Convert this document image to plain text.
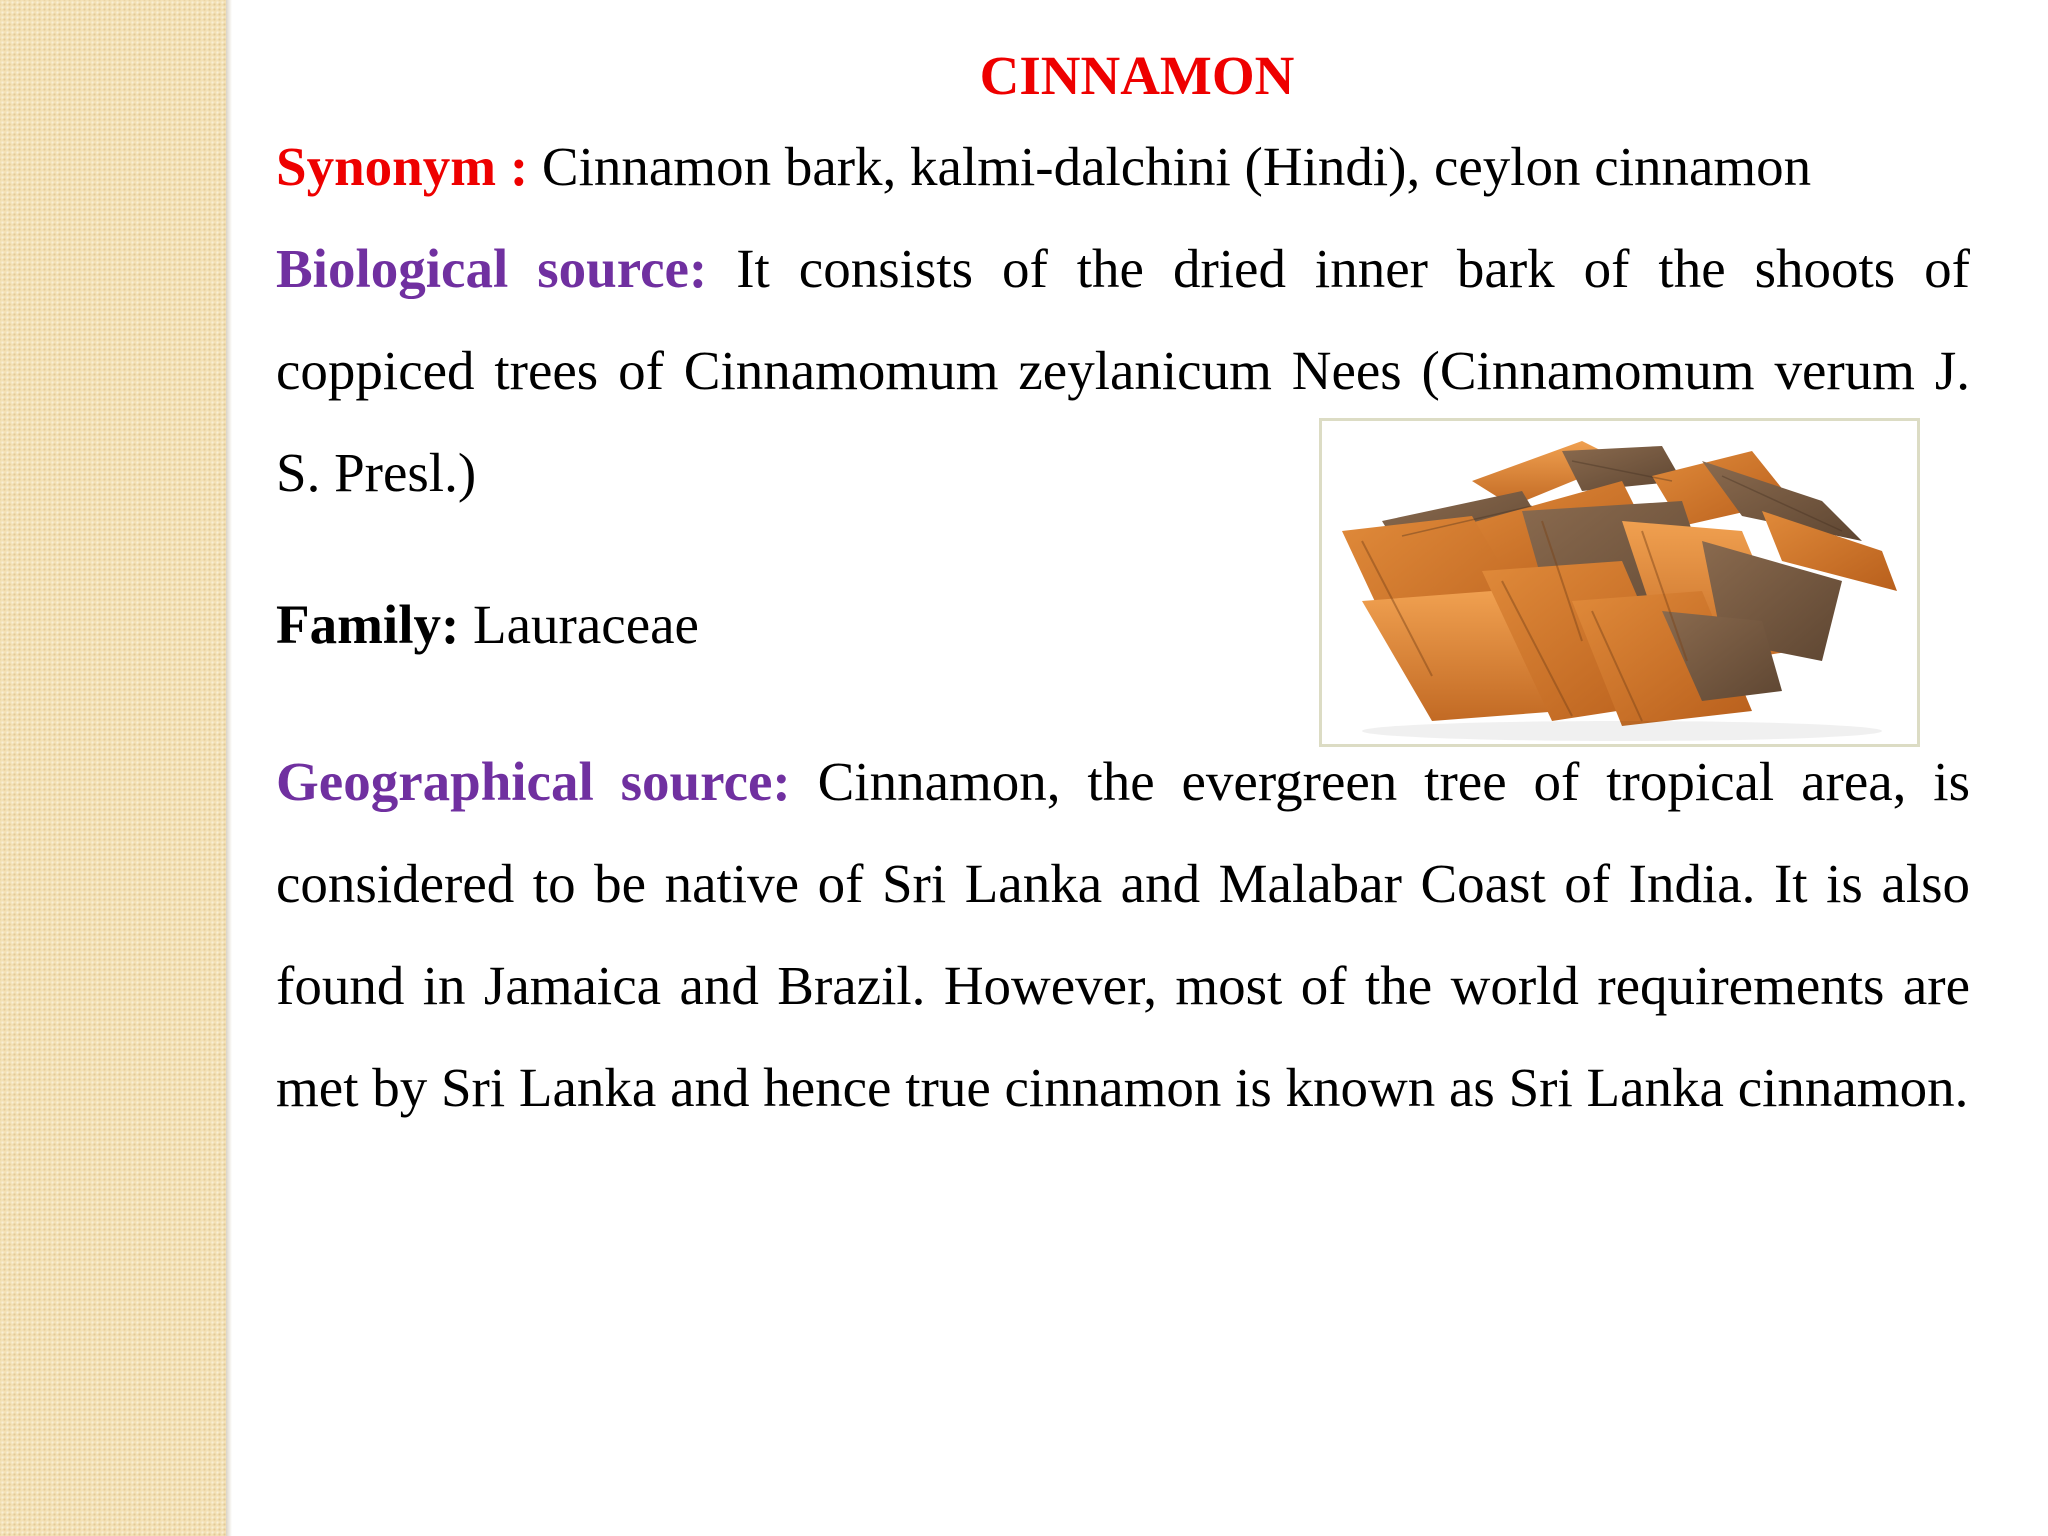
CINNAMON

Synonym : Cinnamon bark, kalmi-dalchini (Hindi), ceylon cinnamon

Biological source: It consists of the dried inner bark of the shoots of coppiced trees of Cinnamomum zeylanicum Nees (Cinnamomum verum J. S. Presl.)

Family: Lauraceae

Geographical source: Cinnamon, the evergreen tree of tropical area, is considered to be native of Sri Lanka and Malabar Coast of India. It is also found in Jamaica and Brazil. However, most of the world requirements are met by Sri Lanka and hence true cinnamon is known as Sri Lanka cinnamon.
